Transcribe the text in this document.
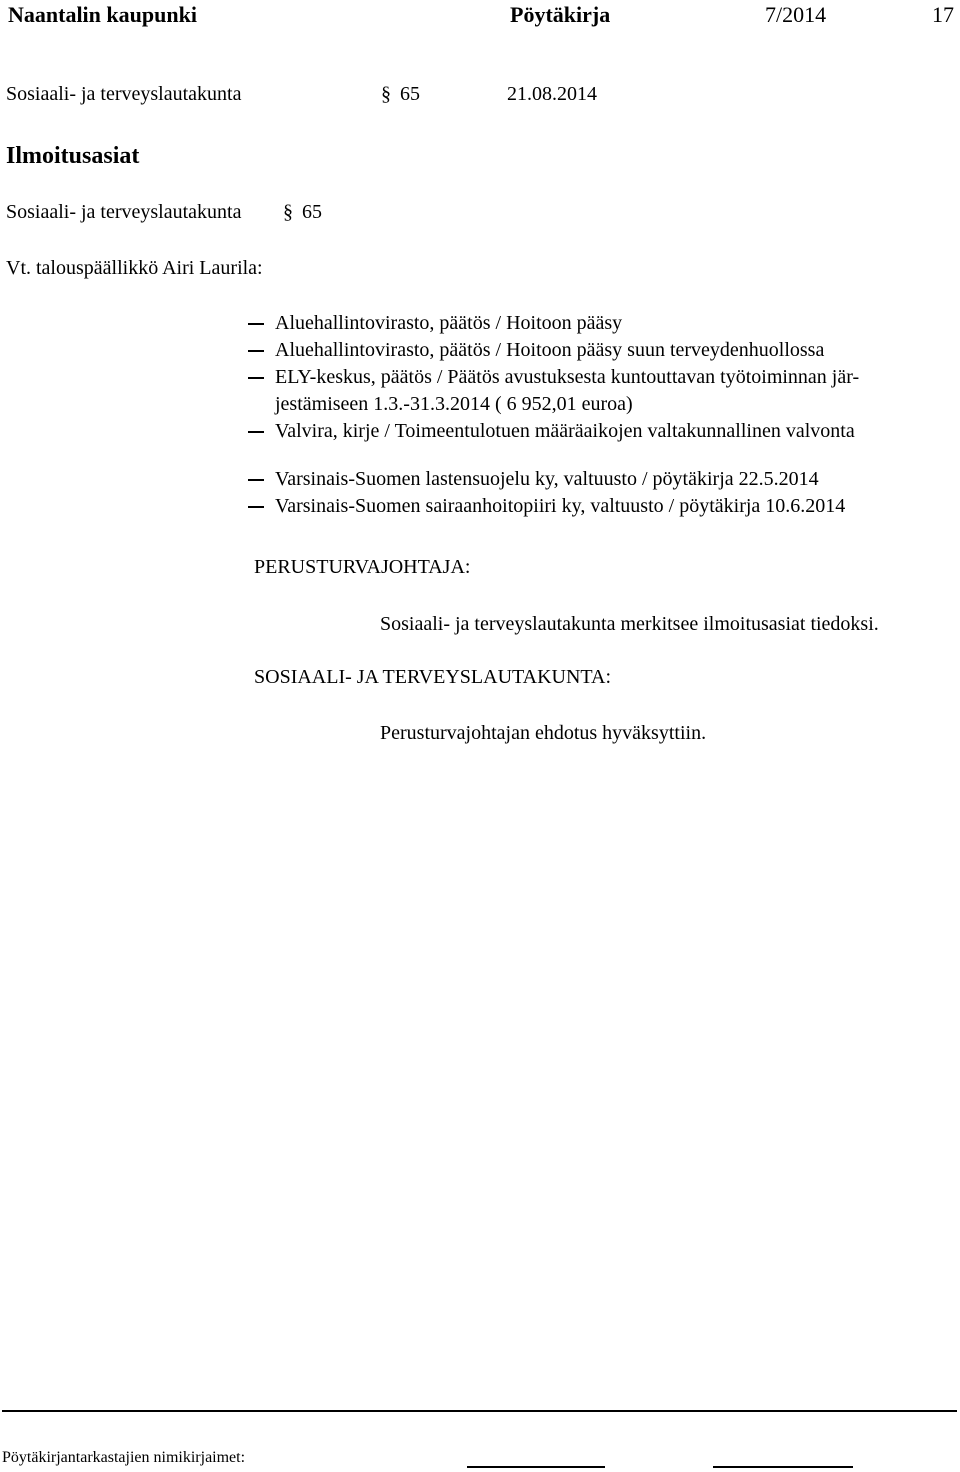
Naantalin kaupunki	Pöytäkirja	7/2014	17
Sosiaali- ja terveyslautakunta	§ 65	21.08.2014
Ilmoitusasiat
Sosiaali- ja terveyslautakunta § 65
Vt. talouspäällikkö Airi Laurila:
Aluehallintovirasto, päätös / Hoitoon pääsy
Aluehallintovirasto, päätös / Hoitoon pääsy suun terveydenhuollossa
ELY-keskus, päätös / Päätös avustuksesta kuntouttavan työtoiminnan jär-
jestämiseen 1.3.-31.3.2014 ( 6 952,01 euroa)
Valvira, kirje / Toimeentulotuen määräaikojen valtakunnallinen valvonta
Varsinais-Suomen lastensuojelu ky, valtuusto / pöytäkirja 22.5.2014
Varsinais-Suomen sairaanhoitopiiri ky, valtuusto / pöytäkirja 10.6.2014
PERUSTURVAJOHTAJA:
Sosiaali- ja terveyslautakunta merkitsee ilmoitusasiat tiedoksi.
SOSIAALI- JA TERVEYSLAUTAKUNTA:
Perusturvajohtajan ehdotus hyväksyttiin.
Pöytäkirjantarkastajien nimikirjaimet:
